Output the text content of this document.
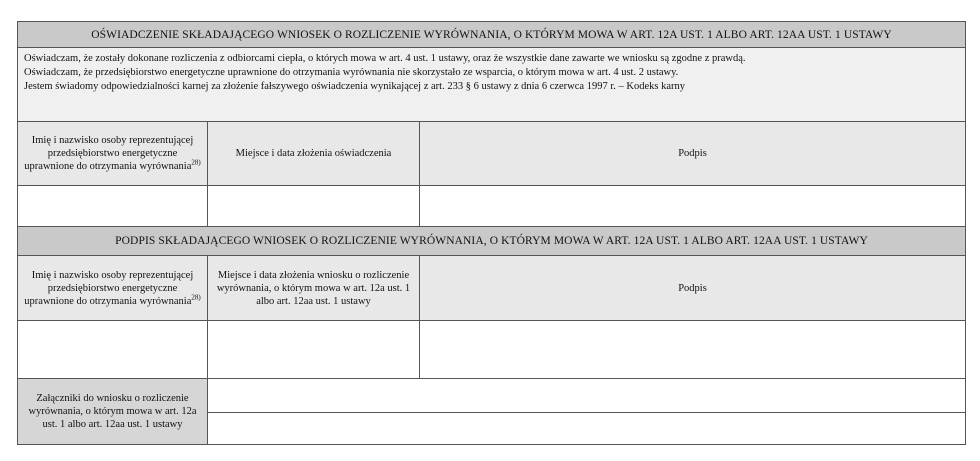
OŚWIADCZENIE SKŁADAJĄCEGO WNIOSEK O ROZLICZENIE WYRÓWNANIA, O KTÓRYM MOWA W ART. 12A UST. 1 ALBO ART. 12AA UST. 1 USTAWY		

Oświadczam, że zostały dokonane rozliczenia z odbiorcami ciepła, o których mowa w art. 4 ust. 1 ustawy, oraz że wszystkie dane zawarte we wniosku są zgodne z prawdą.
Oświadczam, że przedsiębiorstwo energetyczne uprawnione do otrzymania wyrównania nie skorzystało ze wsparcia, o którym mowa w art. 4 ust. 2 ustawy.
Jestem świadomy odpowiedzialności karnej za złożenie fałszywego oświadczenia wynikającej z art. 233 § 6 ustawy z dnia 6 czerwca 1997 r. – Kodeks karny		

Imię i nazwisko osoby reprezentującej przedsiębiorstwo energetyczne uprawnione do otrzymania wyrównania$^{28)}$	Miejsce i data złożenia oświadczenia	Podpis

PODPIS SKŁADAJĄCEGO WNIOSEK O ROZLICZENIE WYRÓWNANIA, O KTÓRYM MOWA W ART. 12A UST. 1 ALBO ART. 12AA UST. 1 USTAWY		
Imię i nazwisko osoby reprezentującej przedsiębiorstwo energetyczne uprawnione do otrzymania wyrównania$^{28)}$	Miejsce i data złożenia wniosku o rozliczenie wyrównania, o którym mowa w art. 12a ust. 1 albo art. 12aa ust. 1 ustawy	Podpis

Załączniki do wniosku o rozliczenie wyrównania, o którym mowa w art. 12a ust. 1 albo art. 12aa ust. 1 ustawy		
